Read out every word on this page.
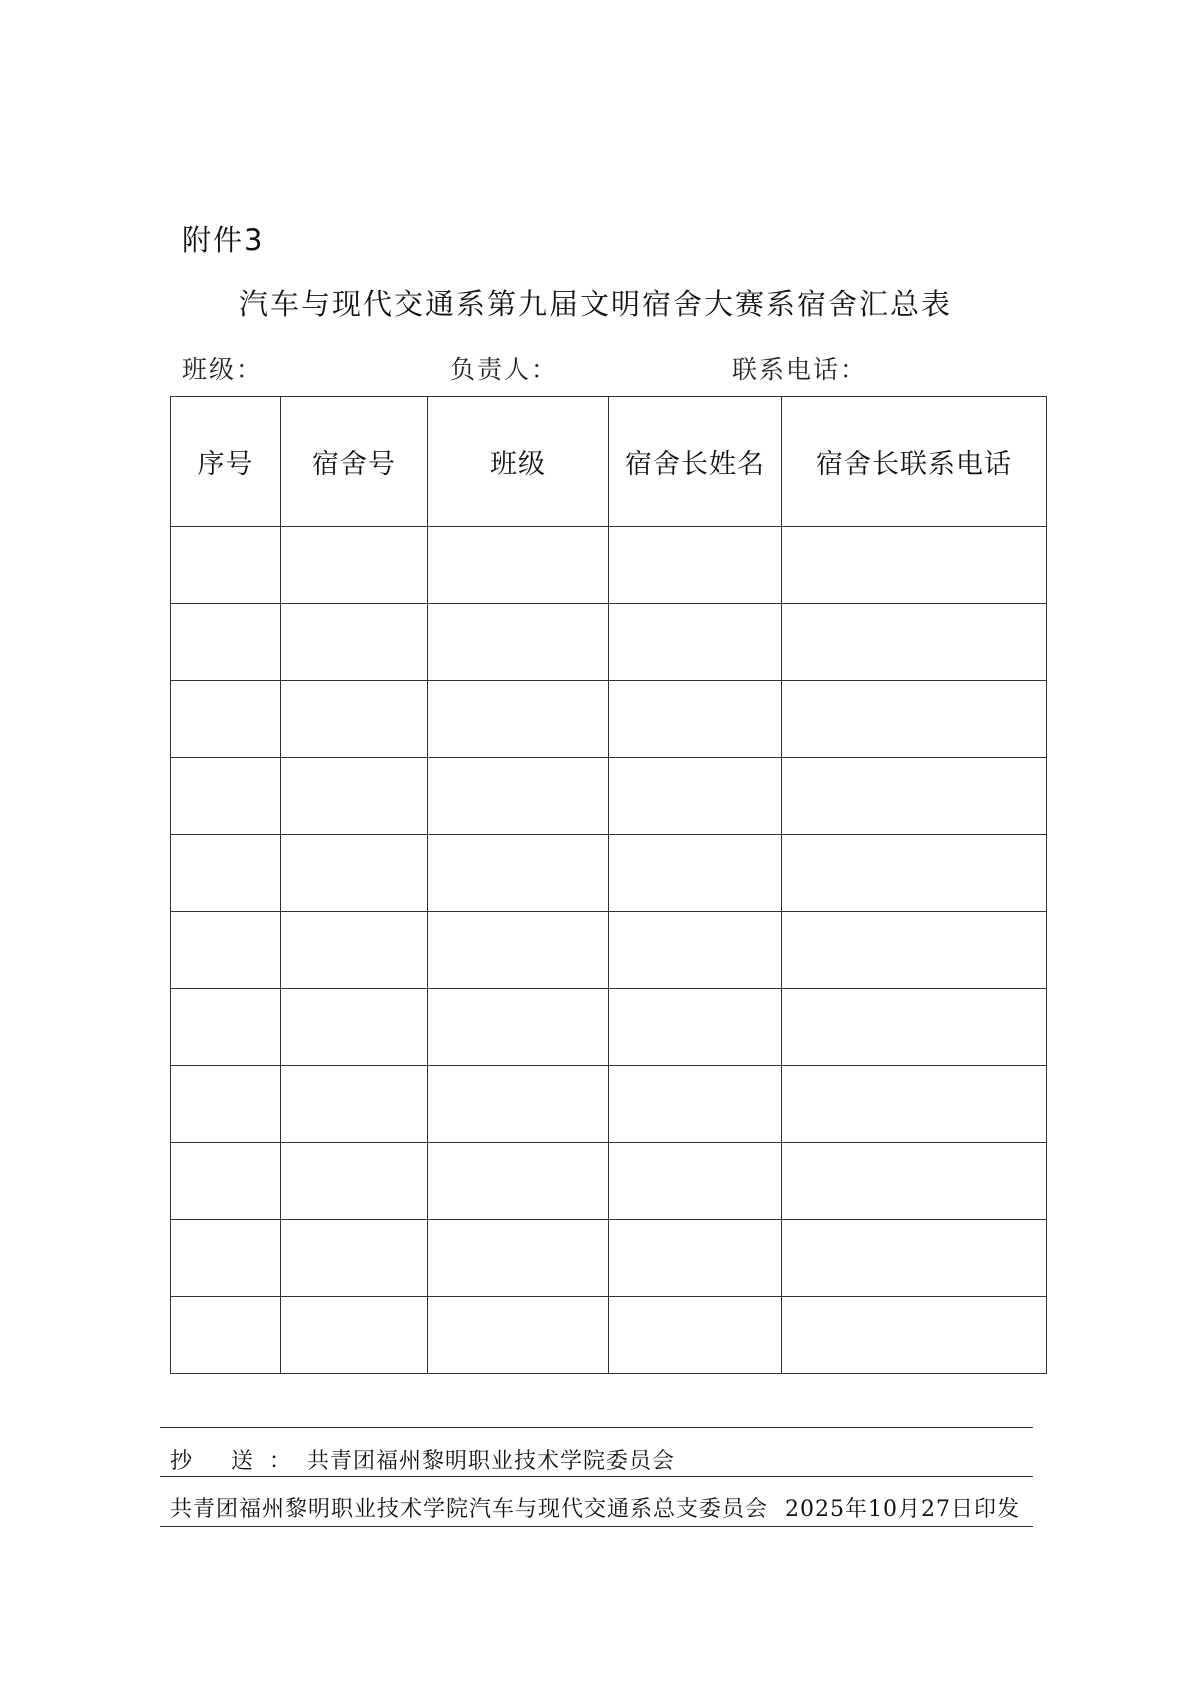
附件3
汽车与现代交通系第九届文明宿舍大赛系宿舍汇总表
班级：	负责人：	联系电话：
序号	宿舍号	班级	宿舍长姓名	宿舍长联系电话

抄 送：共青团福州黎明职业技术学院委员会
共青团福州黎明职业技术学院汽车与现代交通系总支委员会 2025年10月27日印发
